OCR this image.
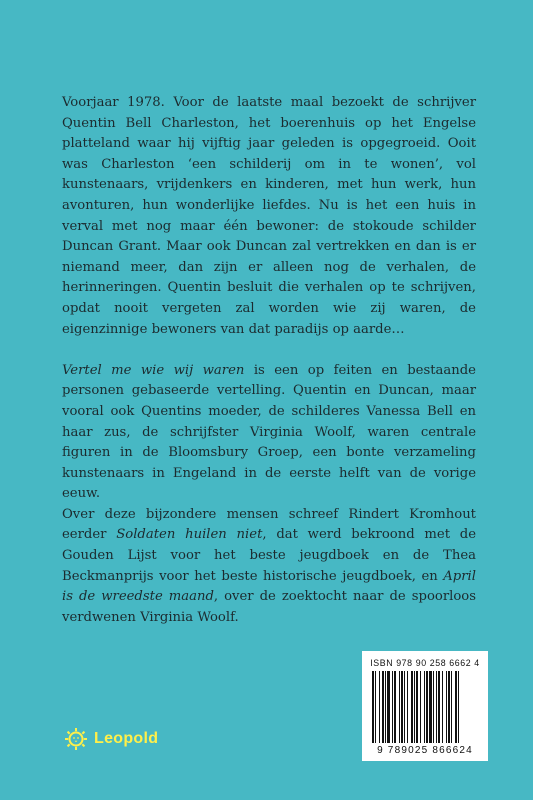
Voorjaar 1978. Voor de laatste maal bezoekt de schrijver Quentin Bell Charleston, het boerenhuis op het Engelse platteland waar hij vijftig jaar geleden is opgegroeid. Ooit was Charleston ‘een schilderij om in te wonen’, vol kunstenaars, vrijdenkers en kinderen, met hun werk, hun avonturen, hun wonderlijke liefdes. Nu is het een huis in verval met nog maar één bewoner: de stokoude schilder Duncan Grant. Maar ook Duncan zal vertrekken en dan is er niemand meer, dan zijn er alleen nog de verhalen, de herinneringen. Quentin besluit die verhalen op te schrijven, opdat nooit vergeten zal worden wie zij waren, de eigenzinnige bewoners van dat paradijs op aarde…

Vertel me wie wij waren is een op feiten en bestaande personen gebaseerde vertelling. Quentin en Duncan, maar vooral ook Quentins moeder, de schilderes Vanessa Bell en haar zus, de schrijfster Virginia Woolf, waren centrale figuren in de Bloomsbury Groep, een bonte verzameling kunstenaars in Engeland in de eerste helft van de vorige eeuw.

Over deze bijzondere mensen schreef Rindert Kromhout eerder Soldaten huilen niet, dat werd bekroond met de Gouden Lijst voor het beste jeugdboek en de Thea Beckmanprijs voor het beste historische jeugdboek, en April is de wreedste maand, over de zoektocht naar de spoorloos verdwenen Virginia Woolf.

ISBN 978 90 258 6662 4
9 789025 866624
Leopold
